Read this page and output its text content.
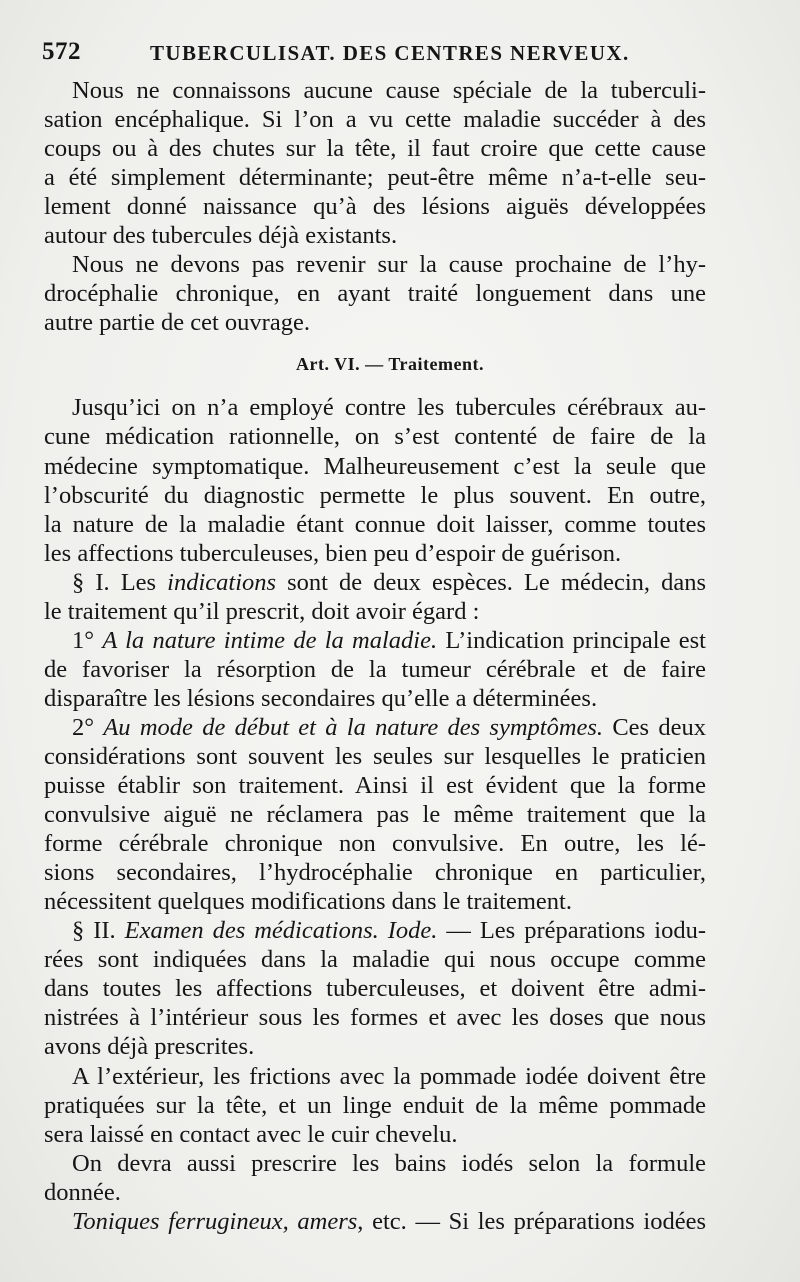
572	TUBERCULISAT. DES CENTRES NERVEUX.
Nous ne connaissons aucune cause spéciale de la tuberculi-
sation encéphalique. Si l’on a vu cette maladie succéder à des
coups ou à des chutes sur la tête, il faut croire que cette cause
a été simplement déterminante; peut-être même n’a-t-elle seu-
lement donné naissance qu’à des lésions aiguës développées
autour des tubercules déjà existants.
Nous ne devons pas revenir sur la cause prochaine de l’hy-
drocéphalie chronique, en ayant traité longuement dans une
autre partie de cet ouvrage.
Art. VI. — Traitement.
Jusqu’ici on n’a employé contre les tubercules cérébraux au-
cune médication rationnelle, on s’est contenté de faire de la
médecine symptomatique. Malheureusement c’est la seule que
l’obscurité du diagnostic permette le plus souvent. En outre,
la nature de la maladie étant connue doit laisser, comme toutes
les affections tuberculeuses, bien peu d’espoir de guérison.
§ I. Les indications sont de deux espèces. Le médecin, dans
le traitement qu’il prescrit, doit avoir égard :
1° A la nature intime de la maladie. L’indication principale est
de favoriser la résorption de la tumeur cérébrale et de faire
disparaître les lésions secondaires qu’elle a déterminées.
2° Au mode de début et à la nature des symptômes. Ces deux
considérations sont souvent les seules sur lesquelles le praticien
puisse établir son traitement. Ainsi il est évident que la forme
convulsive aiguë ne réclamera pas le même traitement que la
forme cérébrale chronique non convulsive. En outre, les lé-
sions secondaires, l’hydrocéphalie chronique en particulier,
nécessitent quelques modifications dans le traitement.
§ II. Examen des médications. Iode. — Les préparations iodu-
rées sont indiquées dans la maladie qui nous occupe comme
dans toutes les affections tuberculeuses, et doivent être admi-
nistrées à l’intérieur sous les formes et avec les doses que nous
avons déjà prescrites.
A l’extérieur, les frictions avec la pommade iodée doivent être
pratiquées sur la tête, et un linge enduit de la même pommade
sera laissé en contact avec le cuir chevelu.
On devra aussi prescrire les bains iodés selon la formule
donnée.
Toniques ferrugineux, amers, etc. — Si les préparations iodées
